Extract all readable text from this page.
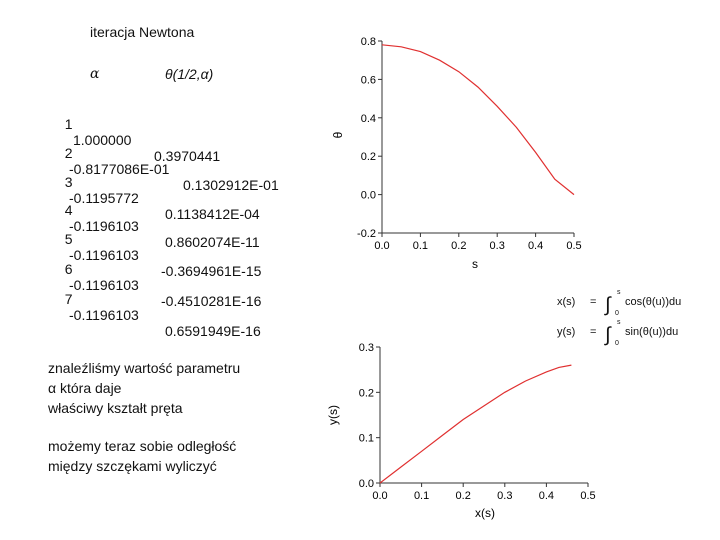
iteracja Newtona
α	θ(1/2,α)

1

1.000000

0.3970441

2

-0.8177086E-01

0.1302912E-01

3

-0.1195772

0.1138412E-04

4

-0.1196103

0.8602074E-11

5

-0.1196103

-0.3694961E-15

6

-0.1196103

-0.4510281E-16

7

-0.1196103

0.6591949E-16

znaleźliśmy wartość parametru
α która daje
właściwy kształt pręta
możemy teraz sobie odległość
między szczękami wyliczyć
x(s) = ∫
s
0
cos(θ(u))du
y(s) = ∫
s
0
sin(θ(u))du
-0.2
0.0
0.2
0.4
0.6
0.8
0.0 0.1 0.2 0.3 0.4 0.5
θ
s
0.0
0.1
0.2
0.3
0.0 0.1 0.2 0.3 0.4 0.5
y(s)
x(s)
